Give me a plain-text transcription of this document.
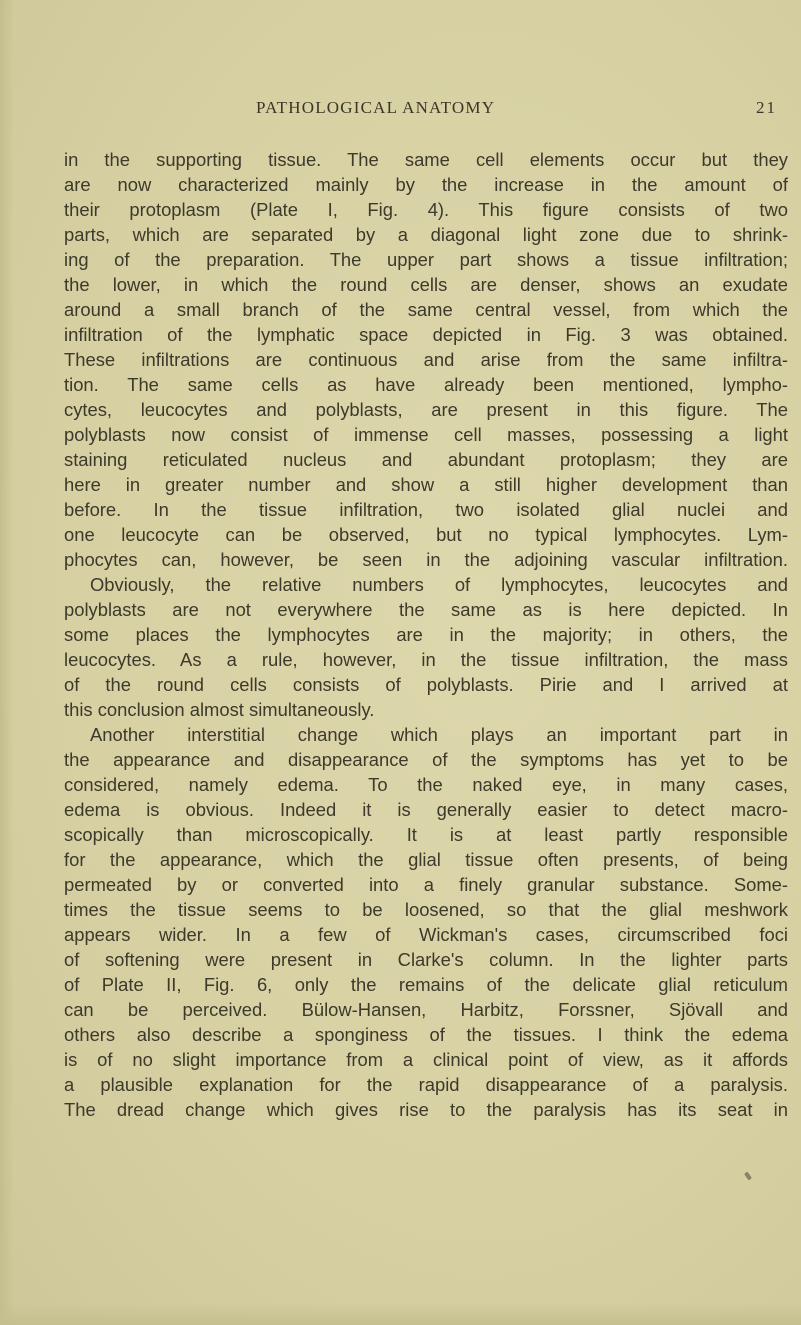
PATHOLOGICAL ANATOMY	21
in the supporting tissue. The same cell elements occur but they
are now characterized mainly by the increase in the amount of
their protoplasm (Plate I, Fig. 4). This figure consists of two
parts, which are separated by a diagonal light zone due to shrink-
ing of the preparation. The upper part shows a tissue infiltration;
the lower, in which the round cells are denser, shows an exudate
around a small branch of the same central vessel, from which the
infiltration of the lymphatic space depicted in Fig. 3 was obtained.
These infiltrations are continuous and arise from the same infiltra-
tion. The same cells as have already been mentioned, lympho-
cytes, leucocytes and polyblasts, are present in this figure. The
polyblasts now consist of immense cell masses, possessing a light
staining reticulated nucleus and abundant protoplasm; they are
here in greater number and show a still higher development than
before. In the tissue infiltration, two isolated glial nuclei and
one leucocyte can be observed, but no typical lymphocytes. Lym-
phocytes can, however, be seen in the adjoining vascular infiltration.
Obviously, the relative numbers of lymphocytes, leucocytes and
polyblasts are not everywhere the same as is here depicted. In
some places the lymphocytes are in the majority; in others, the
leucocytes. As a rule, however, in the tissue infiltration, the mass
of the round cells consists of polyblasts. Pirie and I arrived at
this conclusion almost simultaneously.
Another interstitial change which plays an important part in
the appearance and disappearance of the symptoms has yet to be
considered, namely edema. To the naked eye, in many cases,
edema is obvious. Indeed it is generally easier to detect macro-
scopically than microscopically. It is at least partly responsible
for the appearance, which the glial tissue often presents, of being
permeated by or converted into a finely granular substance. Some-
times the tissue seems to be loosened, so that the glial meshwork
appears wider. In a few of Wickman's cases, circumscribed foci
of softening were present in Clarke's column. In the lighter parts
of Plate II, Fig. 6, only the remains of the delicate glial reticulum
can be perceived. Bülow-Hansen, Harbitz, Forssner, Sjövall and
others also describe a sponginess of the tissues. I think the edema
is of no slight importance from a clinical point of view, as it affords
a plausible explanation for the rapid disappearance of a paralysis.
The dread change which gives rise to the paralysis has its seat in
